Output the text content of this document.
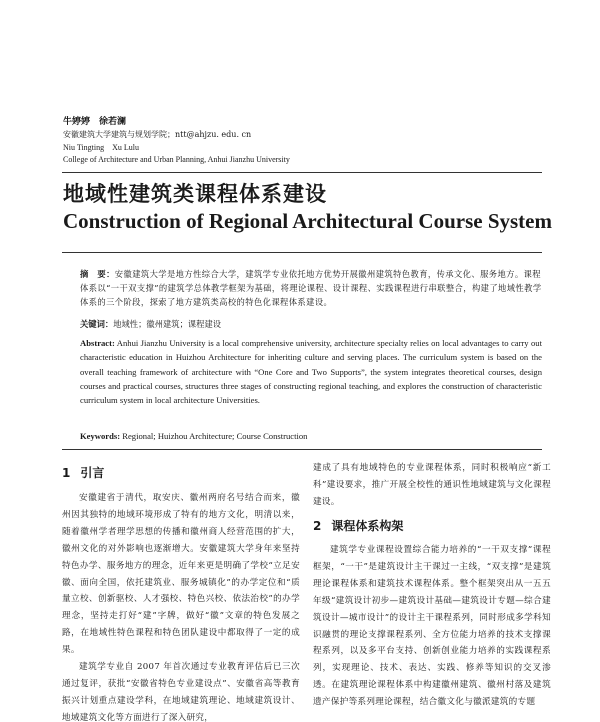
牛婷婷　徐若澜
安徽建筑大学建筑与规划学院；ntt@ahjzu. edu. cn
Niu Tingting　Xu Lulu
College of Architecture and Urban Planning, Anhui Jianzhu University
地域性建筑类课程体系建设
Construction of Regional Architectural Course System
摘　要：安徽建筑大学是地方性综合大学，建筑学专业依托地方优势开展徽州建筑特色教育，传承文化、服务地方。课程体系以“一干双支撑”的建筑学总体教学框架为基础，将理论课程、设计课程、实践课程进行串联整合，构建了地域性教学体系的三个阶段，探索了地方建筑类高校的特色化课程体系建设。
关键词：地域性；徽州建筑；课程建设
Abstract: Anhui Jianzhu University is a local comprehensive university, architecture specialty relies on local advantages to carry out characteristic education in Huizhou Architecture for inheriting culture and serving places. The curriculum system is based on the overall teaching framework of architecture with “One Core and Two Supports”, the system integrates theoretical courses, design courses and practical courses, structures three stages of constructing regional teaching, and explores the construction of characteristic curriculum system in local architecture Universities.
Keywords: Regional; Huizhou Architecture; Course Construction
1 引言

安徽建省于清代，取安庆、徽州两府名号结合而来，徽州因其独特的地域环境形成了特有的地方文化，明清以来，随着徽州学者理学思想的传播和徽州商人经营范围的扩大，徽州文化的对外影响也逐渐增大。安徽建筑大学身年来坚持特色办学、服务地方的理念，近年来更是明确了学校“立足安徽、面向全国，依托建筑业、服务城镇化”的办学定位和“质量立校、创新驱校、人才强校、特色兴校、依法治校”的办学理念，坚持走打好“建”字牌，做好“徽”文章的特色发展之路，在地域性特色课程和特色团队建设中都取得了一定的成果。

建筑学专业自 2007 年首次通过专业教育评估后已三次通过复评，获批“安徽省特色专业建设点”、安徽省高等教育振兴计划重点建设学科，在地域建筑理论、地域建筑设计、地域建筑文化等方面进行了深入研究，

建成了具有地域特色的专业课程体系，同时积极响应“新工科”建设要求，推广开展全校性的通识性地域建筑与文化课程建设。

2 课程体系构架

建筑学专业课程设置综合能力培养的“一干双支撑”课程框架，“一干”是建筑设计主干课过一主线，“双支撑”是建筑理论课程体系和建筑技术课程体系。整个框架突出从一五五年级“建筑设计初步—建筑设计基础—建筑设计专题—综合建筑设计—城市设计”的设计主干课程系列，同时形成多学科知识融贯的理论支撑课程系列、全方位能力培养的技术支撑课程系列，以及多平台支持、创新创业能力培养的实践课程系列，实现理论、技术、表达、实践、修养等知识的交叉渗透。在建筑理论课程体系中构建徽州建筑、徽州村落及建筑遗产保护等系列理论课程，结合徽文化与徽派建筑的专题
